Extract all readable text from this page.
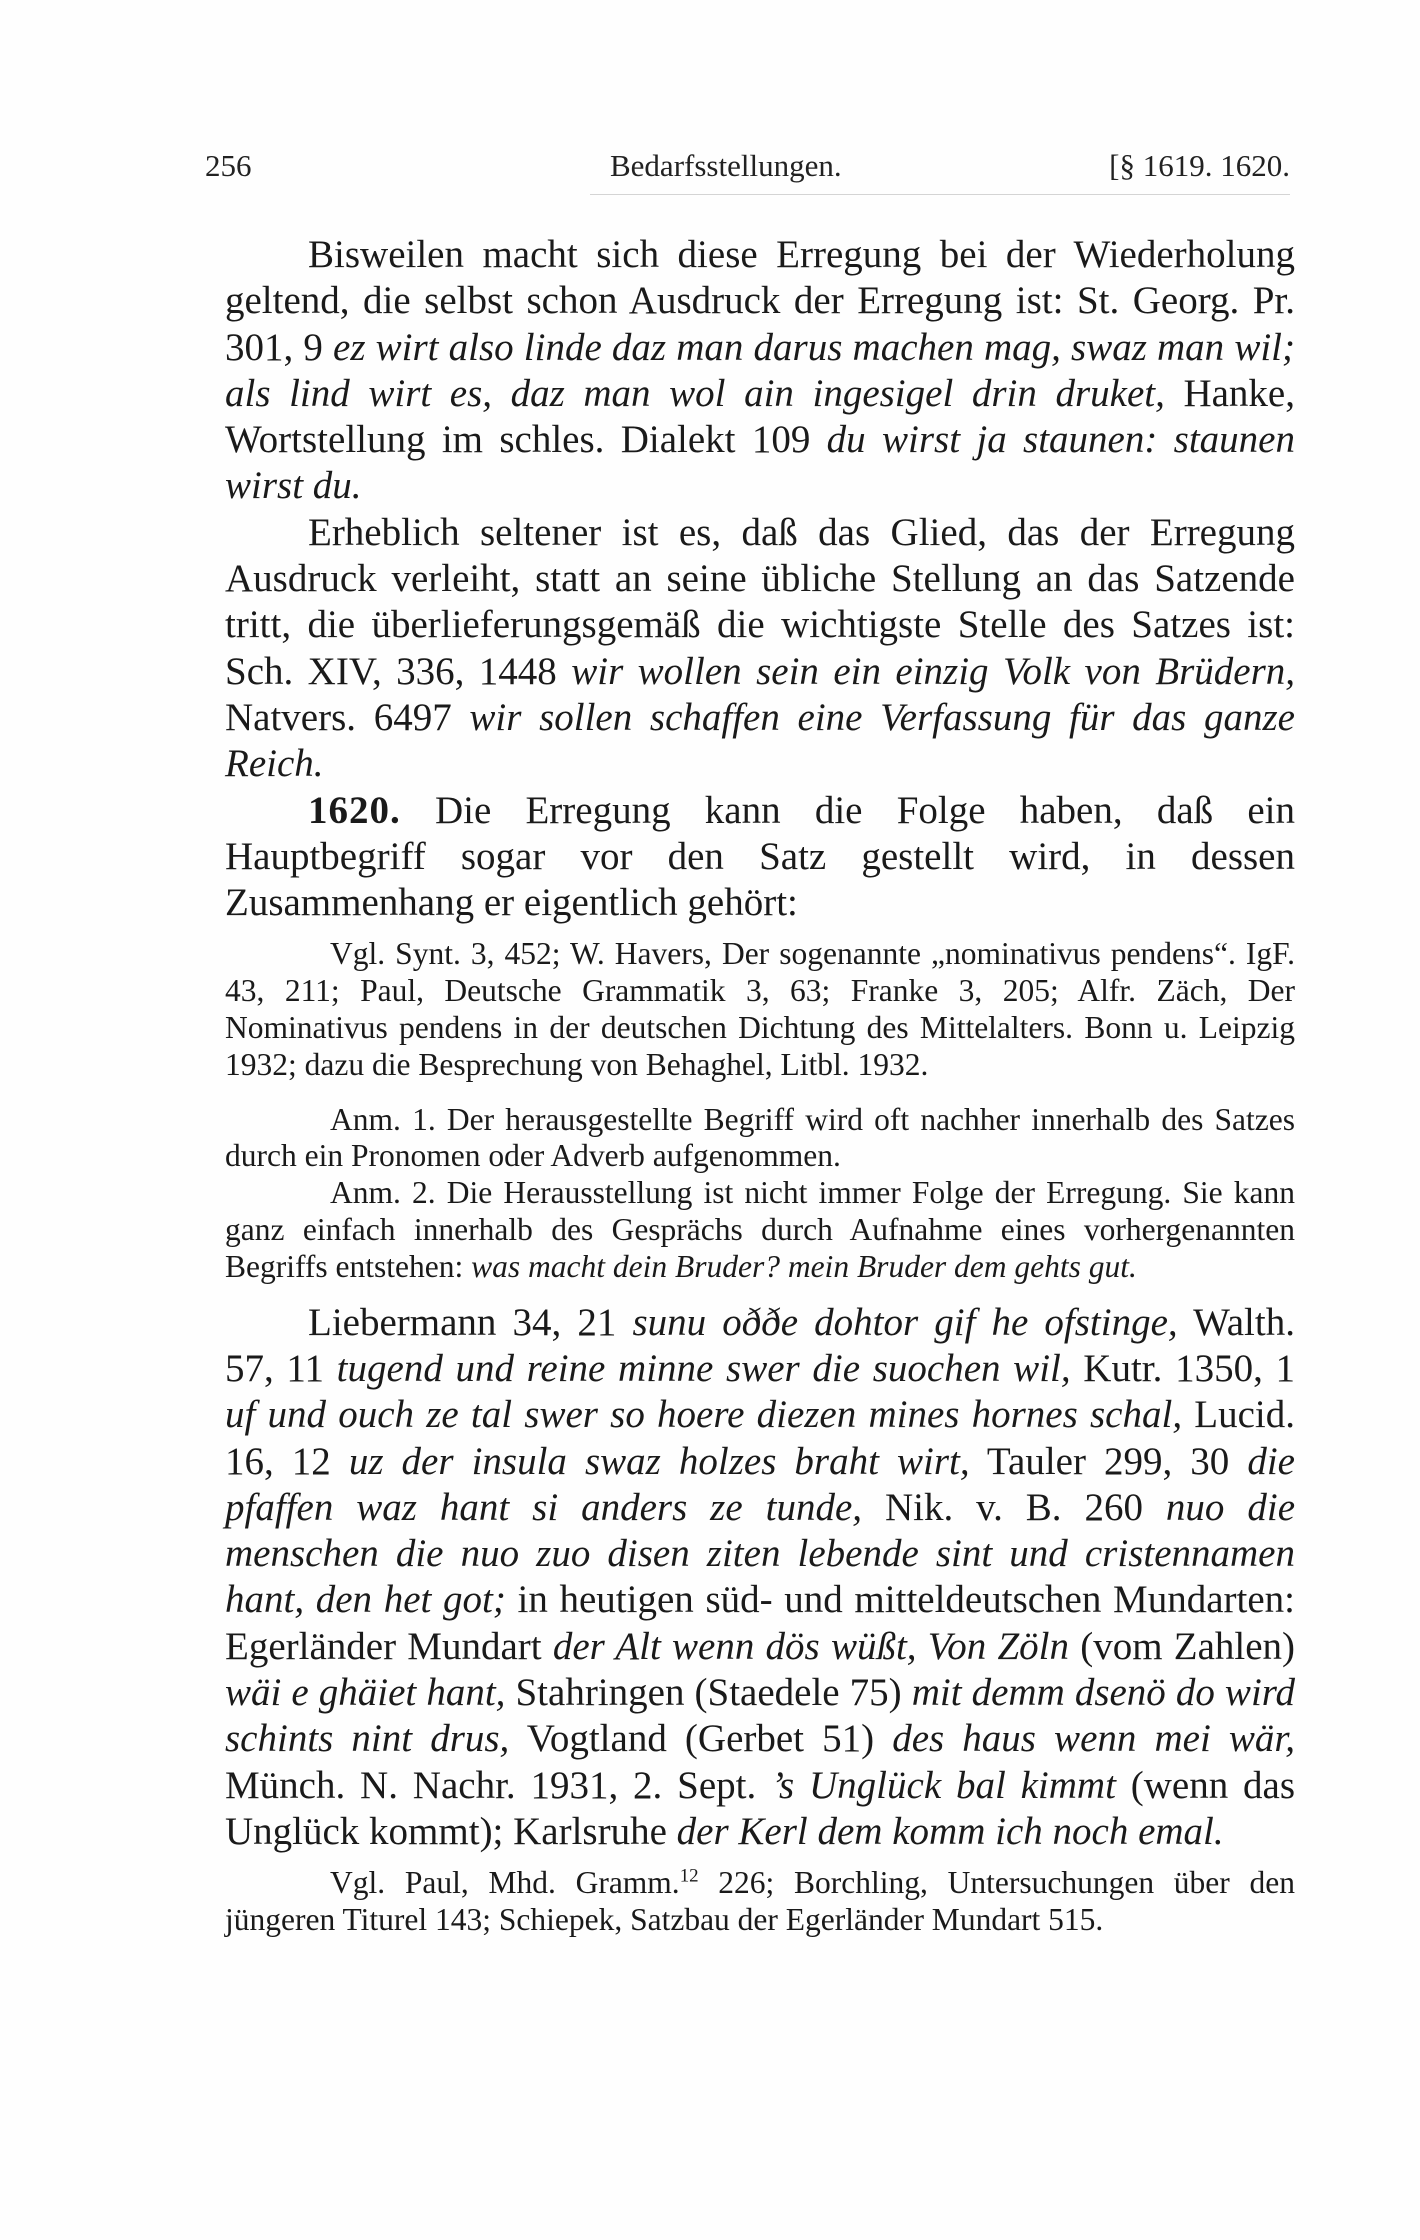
256	Bedarfsstellungen.	[§ 1619. 1620.

Bisweilen macht sich diese Erregung bei der Wiederholung geltend, die selbst schon Ausdruck der Erregung ist: St. Georg. Pr. 301, 9 ez wirt also linde daz man darus machen mag, swaz man wil; als lind wirt es, daz man wol ain ingesigel drin druket, Hanke, Wortstellung im schles. Dialekt 109 du wirst ja staunen: staunen wirst du.

Erheblich seltener ist es, daß das Glied, das der Erregung Ausdruck verleiht, statt an seine übliche Stellung an das Satzende tritt, die überlieferungsgemäß die wichtigste Stelle des Satzes ist: Sch. XIV, 336, 1448 wir wollen sein ein einzig Volk von Brüdern, Natvers. 6497 wir sollen schaffen eine Verfassung für das ganze Reich.

1620. Die Erregung kann die Folge haben, daß ein Hauptbegriff sogar vor den Satz gestellt wird, in dessen Zusammenhang er eigentlich gehört:

Vgl. Synt. 3, 452; W. Havers, Der sogenannte „nominativus pendens“. IgF. 43, 211; Paul, Deutsche Grammatik 3, 63; Franke 3, 205; Alfr. Zäch, Der Nominativus pendens in der deutschen Dichtung des Mittelalters. Bonn u. Leipzig 1932; dazu die Besprechung von Behaghel, Litbl. 1932.

Anm. 1. Der herausgestellte Begriff wird oft nachher innerhalb des Satzes durch ein Pronomen oder Adverb aufgenommen.

Anm. 2. Die Herausstellung ist nicht immer Folge der Erregung. Sie kann ganz einfach innerhalb des Gesprächs durch Aufnahme eines vorhergenannten Begriffs entstehen: was macht dein Bruder? mein Bruder dem gehts gut.

Liebermann 34, 21 sunu oððe dohtor gif he ofstinge, Walth. 57, 11 tugend und reine minne swer die suochen wil, Kutr. 1350, 1 uf und ouch ze tal swer so hoere diezen mines hornes schal, Lucid. 16, 12 uz der insula swaz holzes braht wirt, Tauler 299, 30 die pfaffen waz hant si anders ze tunde, Nik. v. B. 260 nuo die menschen die nuo zuo disen ziten lebende sint und cristennamen hant, den het got; in heutigen süd- und mitteldeutschen Mundarten: Egerländer Mundart der Alt wenn dös wüßt, Von Zöln (vom Zahlen) wäi e ghäiet hant, Stahringen (Staedele 75) mit demm dsenö do wird schints nint drus, Vogtland (Gerbet 51) des haus wenn mei wär, Münch. N. Nachr. 1931, 2. Sept. ’s Unglück bal kimmt (wenn das Unglück kommt); Karlsruhe der Kerl dem komm ich noch emal.

Vgl. Paul, Mhd. Gramm.$^{12}$ 226; Borchling, Untersuchungen über den jüngeren Titurel 143; Schiepek, Satzbau der Egerländer Mundart 515.
